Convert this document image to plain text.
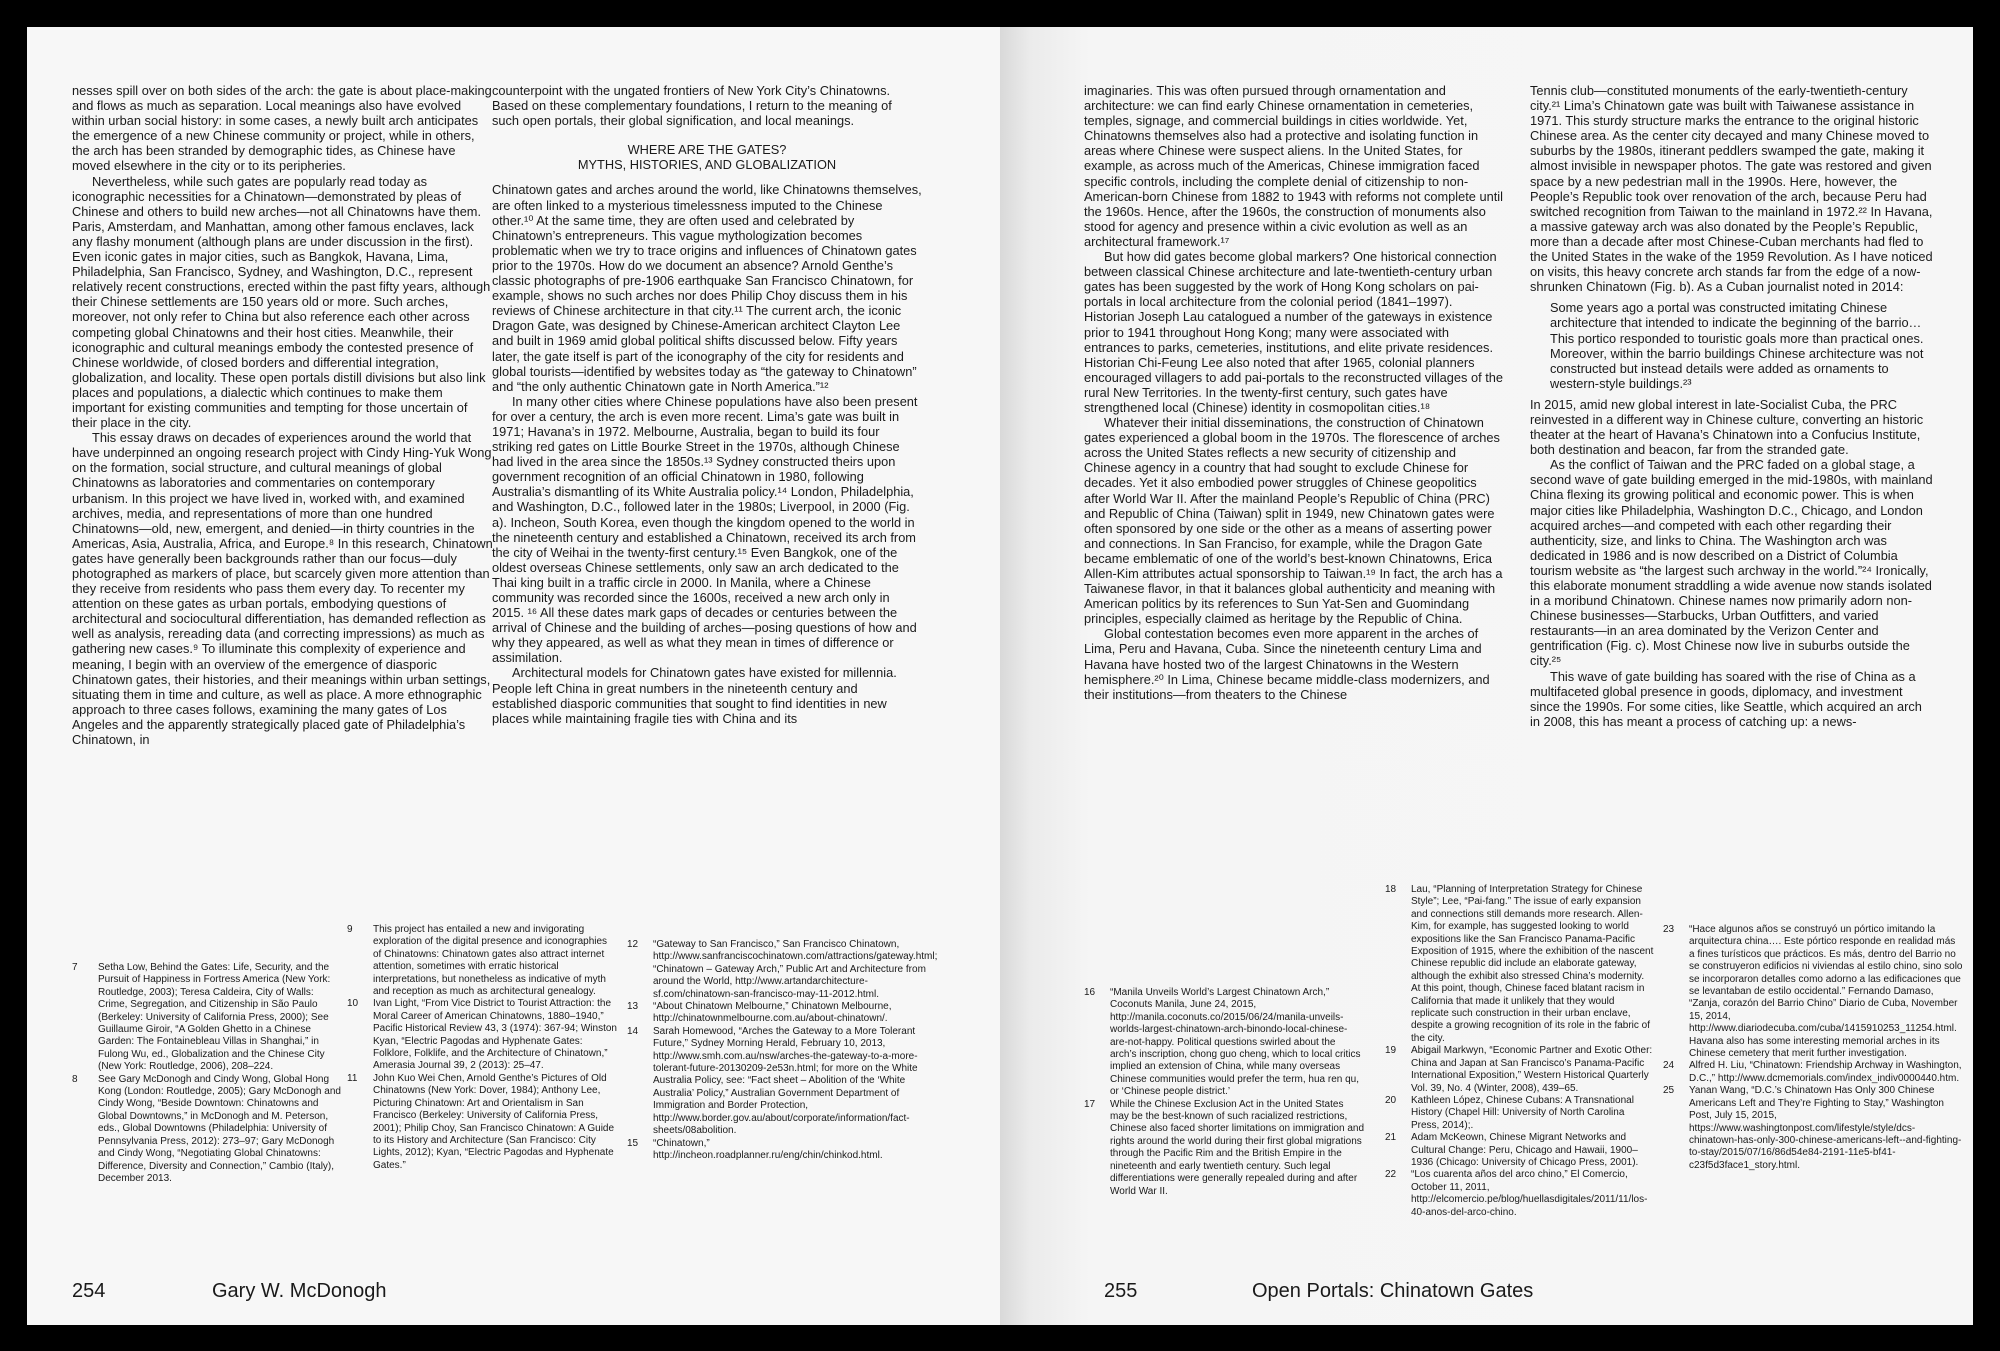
nesses spill over on both sides of the arch: the gate is about place-making and flows as much as separation. Local meanings also have evolved within urban social history: in some cases, a newly built arch anticipates the emergence of a new Chinese community or project, while in others, the arch has been stranded by demographic tides, as Chinese have moved elsewhere in the city or to its peripheries.

Nevertheless, while such gates are popularly read today as iconographic necessities for a Chinatown—demonstrated by pleas of Chinese and others to build new arches—not all Chinatowns have them. Paris, Amsterdam, and Manhattan, among other famous enclaves, lack any flashy monument (although plans are under discussion in the first). Even iconic gates in major cities, such as Bangkok, Havana, Lima, Philadelphia, San Francisco, Sydney, and Washington, D.C., represent relatively recent constructions, erected within the past fifty years, although their Chinese settlements are 150 years old or more. Such arches, moreover, not only refer to China but also reference each other across competing global Chinatowns and their host cities. Meanwhile, their iconographic and cultural meanings embody the contested presence of Chinese worldwide, of closed borders and differential integration, globalization, and locality. These open portals distill divisions but also link places and populations, a dialectic which continues to make them important for existing communities and tempting for those uncertain of their place in the city.

This essay draws on decades of experiences around the world that have underpinned an ongoing research project with Cindy Hing-Yuk Wong on the formation, social structure, and cultural meanings of global Chinatowns as laboratories and commentaries on contemporary urbanism. In this project we have lived in, worked with, and examined archives, media, and representations of more than one hundred Chinatowns—old, new, emergent, and denied—in thirty countries in the Americas, Asia, Australia, Africa, and Europe.⁸ In this research, Chinatown gates have generally been backgrounds rather than our focus—duly photographed as markers of place, but scarcely given more attention than they receive from residents who pass them every day. To recenter my attention on these gates as urban portals, embodying questions of architectural and sociocultural differentiation, has demanded reflection as well as analysis, rereading data (and correcting impressions) as much as gathering new cases.⁹ To illuminate this complexity of experience and meaning, I begin with an overview of the emergence of diasporic Chinatown gates, their histories, and their meanings within urban settings, situating them in time and culture, as well as place. A more ethnographic approach to three cases follows, examining the many gates of Los Angeles and the apparently strategically placed gate of Philadelphia’s Chinatown, in

counterpoint with the ungated frontiers of New York City’s Chinatowns. Based on these complementary foundations, I return to the meaning of such open portals, their global signification, and local meanings.

WHERE ARE THE GATES?
MYTHS, HISTORIES, AND GLOBALIZATION

Chinatown gates and arches around the world, like Chinatowns themselves, are often linked to a mysterious timelessness imputed to the Chinese other.¹⁰ At the same time, they are often used and celebrated by Chinatown’s entrepreneurs. This vague mythologization becomes problematic when we try to trace origins and influences of Chinatown gates prior to the 1970s. How do we document an absence? Arnold Genthe’s classic photographs of pre-1906 earthquake San Francisco Chinatown, for example, shows no such arches nor does Philip Choy discuss them in his reviews of Chinese architecture in that city.¹¹ The current arch, the iconic Dragon Gate, was designed by Chinese-American architect Clayton Lee and built in 1969 amid global political shifts discussed below. Fifty years later, the gate itself is part of the iconography of the city for residents and global tourists—identified by websites today as “the gateway to Chinatown” and “the only authentic Chinatown gate in North America.”¹²

In many other cities where Chinese populations have also been present for over a century, the arch is even more recent. Lima’s gate was built in 1971; Havana’s in 1972. Melbourne, Australia, began to build its four striking red gates on Little Bourke Street in the 1970s, although Chinese had lived in the area since the 1850s.¹³ Sydney constructed theirs upon government recognition of an official Chinatown in 1980, following Australia’s dismantling of its White Australia policy.¹⁴ London, Philadelphia, and Washington, D.C., followed later in the 1980s; Liverpool, in 2000 (Fig. a). Incheon, South Korea, even though the kingdom opened to the world in the nineteenth century and established a Chinatown, received its arch from the city of Weihai in the twenty-first century.¹⁵ Even Bangkok, one of the oldest overseas Chinese settlements, only saw an arch dedicated to the Thai king built in a traffic circle in 2000. In Manila, where a Chinese community was recorded since the 1600s, received a new arch only in 2015. ¹⁶ All these dates mark gaps of decades or centuries between the arrival of Chinese and the building of arches—posing questions of how and why they appeared, as well as what they mean in times of difference or assimilation.

Architectural models for Chinatown gates have existed for millennia. People left China in great numbers in the nineteenth century and established diasporic communities that sought to find identities in new places while maintaining fragile ties with China and its

7 Setha Low, Behind the Gates: Life, Security, and the Pursuit of Happiness in Fortress America (New York: Routledge, 2003); Teresa Caldeira, City of Walls: Crime, Segregation, and Citizenship in São Paulo (Berkeley: University of California Press, 2000); See Guillaume Giroir, “A Golden Ghetto in a Chinese Garden: The Fontainebleau Villas in Shanghai,” in Fulong Wu, ed., Globalization and the Chinese City (New York: Routledge, 2006), 208–224.

8 See Gary McDonogh and Cindy Wong, Global Hong Kong (London: Routledge, 2005); Gary McDonogh and Cindy Wong, “Beside Downtown: Chinatowns and Global Downtowns,” in McDonogh and M. Peterson, eds., Global Downtowns (Philadelphia: University of Pennsylvania Press, 2012): 273–97; Gary McDonogh and Cindy Wong, “Negotiating Global Chinatowns: Difference, Diversity and Connection,” Cambio (Italy), December 2013.

9 This project has entailed a new and invigorating exploration of the digital presence and iconographies of Chinatowns: Chinatown gates also attract internet attention, sometimes with erratic historical interpretations, but nonetheless as indicative of myth and reception as much as architectural genealogy.

10 Ivan Light, “From Vice District to Tourist Attraction: the Moral Career of American Chinatowns, 1880–1940,” Pacific Historical Review 43, 3 (1974): 367-94; Winston Kyan, “Electric Pagodas and Hyphenate Gates: Folklore, Folklife, and the Architecture of Chinatown,” Amerasia Journal 39, 2 (2013): 25–47.

11 John Kuo Wei Chen, Arnold Genthe’s Pictures of Old Chinatowns (New York: Dover, 1984); Anthony Lee, Picturing Chinatown: Art and Orientalism in San Francisco (Berkeley: University of California Press, 2001); Philip Choy, San Francisco Chinatown: A Guide to its History and Architecture (San Francisco: City Lights, 2012); Kyan, “Electric Pagodas and Hyphenate Gates.”

12 “Gateway to San Francisco,” San Francisco Chinatown, http://www.sanfranciscochinatown.com/attractions/gateway.html; “Chinatown – Gateway Arch,” Public Art and Architecture from around the World, http://www.artandarchitecture-sf.com/chinatown-san-francisco-may-11-2012.html.

13 “About Chinatown Melbourne,” Chinatown Melbourne, http://chinatownmelbourne.com.au/about-chinatown/.

14 Sarah Homewood, “Arches the Gateway to a More Tolerant Future,” Sydney Morning Herald, February 10, 2013, http://www.smh.com.au/nsw/arches-the-gateway-to-a-more-tolerant-future-20130209-2e53n.html; for more on the White Australia Policy, see: “Fact sheet – Abolition of the ‘White Australia’ Policy,” Australian Government Department of Immigration and Border Protection, http://www.border.gov.au/about/corporate/information/fact-sheets/08abolition.

15 “Chinatown,” http://incheon.roadplanner.ru/eng/chin/chinkod.html.

254	Gary W. McDonogh

imaginaries. This was often pursued through ornamentation and architecture: we can find early Chinese ornamentation in cemeteries, temples, signage, and commercial buildings in cities worldwide. Yet, Chinatowns themselves also had a protective and isolating function in areas where Chinese were suspect aliens. In the United States, for example, as across much of the Americas, Chinese immigration faced specific controls, including the complete denial of citizenship to non-American-born Chinese from 1882 to 1943 with reforms not complete until the 1960s. Hence, after the 1960s, the construction of monuments also stood for agency and presence within a civic evolution as well as an architectural framework.¹⁷

But how did gates become global markers? One historical connection between classical Chinese architecture and late-twentieth-century urban gates has been suggested by the work of Hong Kong scholars on pai-portals in local architecture from the colonial period (1841–1997). Historian Joseph Lau catalogued a number of the gateways in existence prior to 1941 throughout Hong Kong; many were associated with entrances to parks, cemeteries, institutions, and elite private residences. Historian Chi-Feung Lee also noted that after 1965, colonial planners encouraged villagers to add pai-portals to the reconstructed villages of the rural New Territories. In the twenty-first century, such gates have strengthened local (Chinese) identity in cosmopolitan cities.¹⁸

Whatever their initial disseminations, the construction of Chinatown gates experienced a global boom in the 1970s. The florescence of arches across the United States reflects a new security of citizenship and Chinese agency in a country that had sought to exclude Chinese for decades. Yet it also embodied power struggles of Chinese geopolitics after World War II. After the mainland People’s Republic of China (PRC) and Republic of China (Taiwan) split in 1949, new Chinatown gates were often sponsored by one side or the other as a means of asserting power and connections. In San Franciso, for example, while the Dragon Gate became emblematic of one of the world’s best-known Chinatowns, Erica Allen-Kim attributes actual sponsorship to Taiwan.¹⁹ In fact, the arch has a Taiwanese flavor, in that it balances global authenticity and meaning with American politics by its references to Sun Yat-Sen and Guomindang principles, especially claimed as heritage by the Republic of China.

Global contestation becomes even more apparent in the arches of Lima, Peru and Havana, Cuba. Since the nineteenth century Lima and Havana have hosted two of the largest Chinatowns in the Western hemisphere.²⁰ In Lima, Chinese became middle-class modernizers, and their institutions—from theaters to the Chinese

Tennis club—constituted monuments of the early-twentieth-century city.²¹ Lima’s Chinatown gate was built with Taiwanese assistance in 1971. This sturdy structure marks the entrance to the original historic Chinese area. As the center city decayed and many Chinese moved to suburbs by the 1980s, itinerant peddlers swamped the gate, making it almost invisible in newspaper photos. The gate was restored and given space by a new pedestrian mall in the 1990s. Here, however, the People’s Republic took over renovation of the arch, because Peru had switched recognition from Taiwan to the mainland in 1972.²² In Havana, a massive gateway arch was also donated by the People’s Republic, more than a decade after most Chinese-Cuban merchants had fled to the United States in the wake of the 1959 Revolution. As I have noticed on visits, this heavy concrete arch stands far from the edge of a now-shrunken Chinatown (Fig. b). As a Cuban journalist noted in 2014:

Some years ago a portal was constructed imitating Chinese architecture that intended to indicate the beginning of the barrio… This portico responded to touristic goals more than practical ones. Moreover, within the barrio buildings Chinese architecture was not constructed but instead details were added as ornaments to western-style buildings.²³

In 2015, amid new global interest in late-Socialist Cuba, the PRC reinvested in a different way in Chinese culture, converting an historic theater at the heart of Havana’s Chinatown into a Confucius Institute, both destination and beacon, far from the stranded gate.

As the conflict of Taiwan and the PRC faded on a global stage, a second wave of gate building emerged in the mid-1980s, with mainland China flexing its growing political and economic power. This is when major cities like Philadelphia, Washington D.C., Chicago, and London acquired arches—and competed with each other regarding their authenticity, size, and links to China. The Washington arch was dedicated in 1986 and is now described on a District of Columbia tourism website as “the largest such archway in the world.”²⁴ Ironically, this elaborate monument straddling a wide avenue now stands isolated in a moribund Chinatown. Chinese names now primarily adorn non-Chinese businesses—Starbucks, Urban Outfitters, and varied restaurants—in an area dominated by the Verizon Center and gentrification (Fig. c). Most Chinese now live in suburbs outside the city.²⁵

This wave of gate building has soared with the rise of China as a multifaceted global presence in goods, diplomacy, and investment since the 1990s. For some cities, like Seattle, which acquired an arch in 2008, this has meant a process of catching up: a news-

16 “Manila Unveils World’s Largest Chinatown Arch,” Coconuts Manila, June 24, 2015, http://manila.coconuts.co/2015/06/24/manila-unveils-worlds-largest-chinatown-arch-binondo-local-chinese-are-not-happy. Political questions swirled about the arch’s inscription, chong guo cheng, which to local critics implied an extension of China, while many overseas Chinese communities would prefer the term, hua ren qu, or ‘Chinese people district.’

17 While the Chinese Exclusion Act in the United States may be the best-known of such racialized restrictions, Chinese also faced shorter limitations on immigration and rights around the world during their first global migrations through the Pacific Rim and the British Empire in the nineteenth and early twentieth century. Such legal differentiations were generally repealed during and after World War II.

18 Lau, “Planning of Interpretation Strategy for Chinese Style”; Lee, “Pai-fang.” The issue of early expansion and connections still demands more research. Allen-Kim, for example, has suggested looking to world expositions like the San Francisco Panama-Pacific Exposition of 1915, where the exhibition of the nascent Chinese republic did include an elaborate gateway, although the exhibit also stressed China’s modernity. At this point, though, Chinese faced blatant racism in California that made it unlikely that they would replicate such construction in their urban enclave, despite a growing recognition of its role in the fabric of the city.

19 Abigail Markwyn, “Economic Partner and Exotic Other: China and Japan at San Francisco’s Panama-Pacific International Exposition,” Western Historical Quarterly Vol. 39, No. 4 (Winter, 2008), 439–65.

20 Kathleen López, Chinese Cubans: A Transnational History (Chapel Hill: University of North Carolina Press, 2014);.

21 Adam McKeown, Chinese Migrant Networks and Cultural Change: Peru, Chicago and Hawaii, 1900–1936 (Chicago: University of Chicago Press, 2001).

22 “Los cuarenta años del arco chino,” El Comercio, October 11, 2011, http://elcomercio.pe/blog/huellasdigitales/2011/11/los-40-anos-del-arco-chino.

23 “Hace algunos años se construyó un pórtico imitando la arquitectura china…. Este pórtico responde en realidad más a fines turísticos que prácticos. Es más, dentro del Barrio no se construyeron edificios ni viviendas al estilo chino, sino solo se incorporaron detalles como adorno a las edificaciones que se levantaban de estilo occidental.” Fernando Damaso, “Zanja, corazón del Barrio Chino” Diario de Cuba, November 15, 2014, http://www.diariodecuba.com/cuba/1415910253_11254.html. Havana also has some interesting memorial arches in its Chinese cemetery that merit further investigation.

24 Alfred H. Liu, “Chinatown: Friendship Archway in Washington, D.C.,” http://www.dcmemorials.com/index_indiv0000440.htm.

25 Yanan Wang, “D.C.’s Chinatown Has Only 300 Chinese Americans Left and They’re Fighting to Stay,” Washington Post, July 15, 2015, https://www.washingtonpost.com/lifestyle/style/dcs-chinatown-has-only-300-chinese-americans-left--and-fighting-to-stay/2015/07/16/86d54e84-2191-11e5-bf41-c23f5d3face1_story.html.

255	Open Portals: Chinatown Gates
